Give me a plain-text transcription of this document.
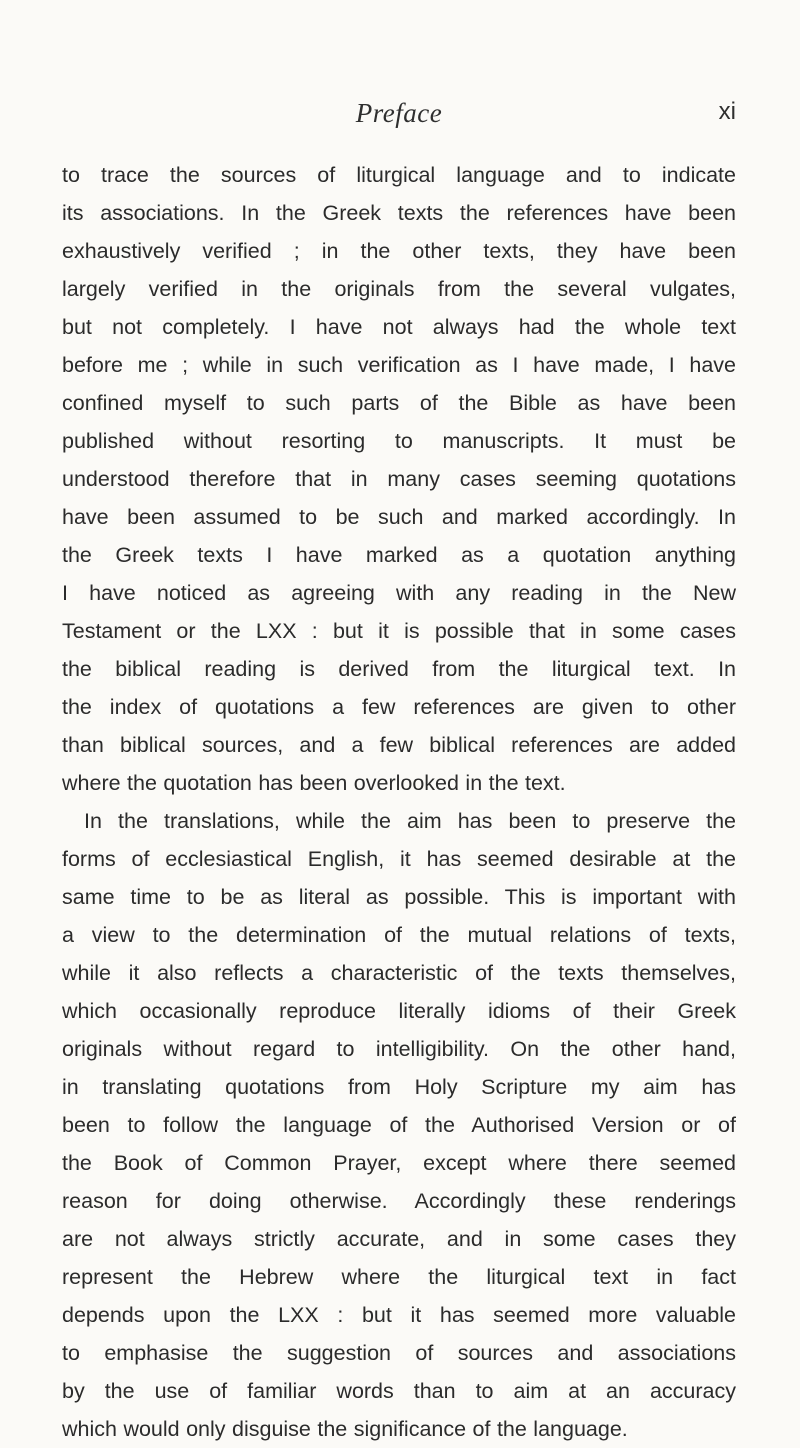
Preface	xi
to trace the sources of liturgical language and to indicate
its associations. In the Greek texts the references have been
exhaustively verified ; in the other texts, they have been
largely verified in the originals from the several vulgates,
but not completely. I have not always had the whole text
before me ; while in such verification as I have made, I have
confined myself to such parts of the Bible as have been
published without resorting to manuscripts. It must be
understood therefore that in many cases seeming quotations
have been assumed to be such and marked accordingly. In
the Greek texts I have marked as a quotation anything
I have noticed as agreeing with any reading in the New
Testament or the LXX : but it is possible that in some cases
the biblical reading is derived from the liturgical text. In
the index of quotations a few references are given to other
than biblical sources, and a few biblical references are added
where the quotation has been overlooked in the text.
In the translations, while the aim has been to preserve the
forms of ecclesiastical English, it has seemed desirable at the
same time to be as literal as possible. This is important with
a view to the determination of the mutual relations of texts,
while it also reflects a characteristic of the texts themselves,
which occasionally reproduce literally idioms of their Greek
originals without regard to intelligibility. On the other hand,
in translating quotations from Holy Scripture my aim has
been to follow the language of the Authorised Version or of
the Book of Common Prayer, except where there seemed
reason for doing otherwise. Accordingly these renderings
are not always strictly accurate, and in some cases they
represent the Hebrew where the liturgical text in fact
depends upon the LXX : but it has seemed more valuable
to emphasise the suggestion of sources and associations
by the use of familiar words than to aim at an accuracy
which would only disguise the significance of the language.
